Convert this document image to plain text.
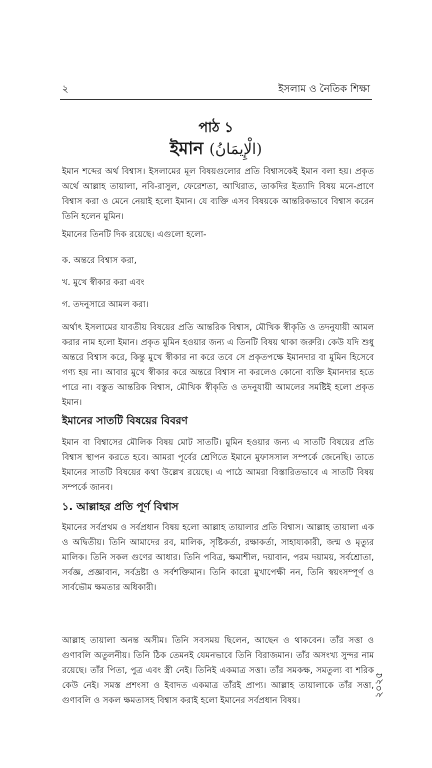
২	ইসলাম ও নৈতিক শিক্ষা
পাঠ ১
ইমান (الْإِيمَانُ)

ইমান শব্দের অর্থ বিশ্বাস। ইসলামের মূল বিষয়গুলোর প্রতি বিশ্বাসকেই ইমান বলা হয়। প্রকৃত অর্থে আল্লাহ তায়ালা, নবি-রাসুল, ফেরেশতা, আখিরাত, তাকদির ইত্যাদি বিষয় মনে-প্রাণে বিশ্বাস করা ও মেনে নেয়াই হলো ইমান। যে ব্যক্তি এসব বিষয়কে আন্তরিকভাবে বিশ্বাস করেন তিনি হলেন মুমিন।

ইমানের তিনটি দিক রয়েছে। এগুলো হলো-

ক. অন্তরে বিশ্বাস করা,

খ. মুখে স্বীকার করা এবং

গ. তদনুসারে আমল করা।

অর্থাৎ ইসলামের যাবতীয় বিষয়ের প্রতি আন্তরিক বিশ্বাস, মৌখিক স্বীকৃতি ও তদনুযায়ী আমল করার নাম হলো ইমান। প্রকৃত মুমিন হওয়ার জন্য এ তিনটি বিষয় থাকা জরুরি। কেউ যদি শুধু অন্তরে বিশ্বাস করে, কিন্তু মুখে স্বীকার না করে তবে সে প্রকৃতপক্ষে ইমানদার বা মুমিন হিসেবে গণ্য হয় না। আবার মুখে স্বীকার করে অন্তরে বিশ্বাস না করলেও কোনো ব্যক্তি ইমানদার হতে পারে না। বস্তুত আন্তরিক বিশ্বাস, মৌখিক স্বীকৃতি ও তদনুযায়ী আমলের সমষ্টিই হলো প্রকৃত ইমান।

ইমানের সাতটি বিষয়ের বিবরণ

ইমান বা বিশ্বাসের মৌলিক বিষয় মোট সাতটি। মুমিন হওয়ার জন্য এ সাতটি বিষয়ের প্রতি বিশ্বাস স্থাপন করতে হবে। আমরা পূর্বের শ্রেণিতে ইমানে মুফাসসাল সম্পর্কে জেনেছি। তাতে ইমানের সাতটি বিষয়ের কথা উল্লেখ রয়েছে। এ পাঠে আমরা বিস্তারিতভাবে এ সাতটি বিষয় সম্পর্কে জানব।

১. আল্লাহর প্রতি পূর্ণ বিশ্বাস

ইমানের সর্বপ্রথম ও সর্বপ্রধান বিষয় হলো আল্লাহ তায়ালার প্রতি বিশ্বাস। আল্লাহ তায়ালা এক ও অদ্বিতীয়। তিনি আমাদের রব, মালিক, সৃষ্টিকর্তা, রক্ষাকর্তা, সাহায্যকারী, জন্ম ও মৃত্যুর মালিক। তিনি সকল গুণের আধার। তিনি পবিত্র, ক্ষমাশীল, দয়াবান, পরম দয়াময়, সর্বশ্রোতা, সর্বজ্ঞ, প্রজ্ঞাবান, সর্বদ্রষ্টা ও সর্বশক্তিমান। তিনি কারো মুখাপেক্ষী নন, তিনি স্বয়ংসম্পূর্ণ ও সার্বভৌম ক্ষমতার অধিকারী।

আল্লাহ তায়ালা অনন্ত অসীম। তিনি সবসময় ছিলেন, আছেন ও থাকবেন। তাঁর সত্তা ও গুণাবলি অতুলনীয়। তিনি ঠিক তেমনই যেমনভাবে তিনি বিরাজমান। তাঁর অসংখ্য সুন্দর নাম রয়েছে। তাঁর পিতা, পুত্র এবং স্ত্রী নেই। তিনিই একমাত্র সত্তা। তাঁর সমকক্ষ, সমতুল্য বা শরিক কেউ নেই। সমস্ত প্রশংসা ও ইবাদত একমাত্র তাঁরই প্রাপ্য। আল্লাহ তায়ালাকে তাঁর সত্তা, গুণাবলি ও সকল ক্ষমতাসহ বিশ্বাস করাই হলো ইমানের সর্বপ্রধান বিষয়।

২০২৫
